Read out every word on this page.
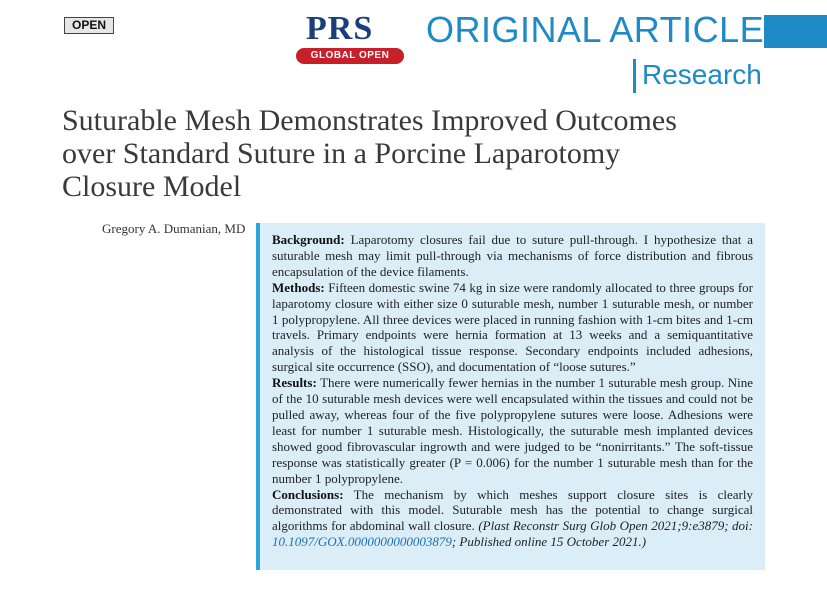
OPEN	PRS
GLOBAL OPEN
ORIGINAL ARTICLE
Research
Suturable Mesh Demonstrates Improved Outcomes over Standard Suture in a Porcine Laparotomy Closure Model
Gregory A. Dumanian, MD

Background: Laparotomy closures fail due to suture pull-through. I hypothesize that a suturable mesh may limit pull-through via mechanisms of force distribution and fibrous encapsulation of the device filaments.

Methods: Fifteen domestic swine 74 kg in size were randomly allocated to three groups for laparotomy closure with either size 0 suturable mesh, number 1 suturable mesh, or number 1 polypropylene. All three devices were placed in running fashion with 1-cm bites and 1-cm travels. Primary endpoints were hernia formation at 13 weeks and a semiquantitative analysis of the histological tissue response. Secondary endpoints included adhesions, surgical site occurrence (SSO), and documentation of “loose sutures.”

Results: There were numerically fewer hernias in the number 1 suturable mesh group. Nine of the 10 suturable mesh devices were well encapsulated within the tissues and could not be pulled away, whereas four of the five polypropylene sutures were loose. Adhesions were least for number 1 suturable mesh. Histologically, the suturable mesh implanted devices showed good fibrovascular ingrowth and were judged to be “nonirritants.” The soft-tissue response was statistically greater (P = 0.006) for the number 1 suturable mesh than for the number 1 polypropylene.

Conclusions: The mechanism by which meshes support closure sites is clearly demonstrated with this model. Suturable mesh has the potential to change surgical algorithms for abdominal wall closure. (Plast Reconstr Surg Glob Open 2021;9:e3879; doi: 10.1097/GOX.0000000000003879; Published online 15 October 2021.)
